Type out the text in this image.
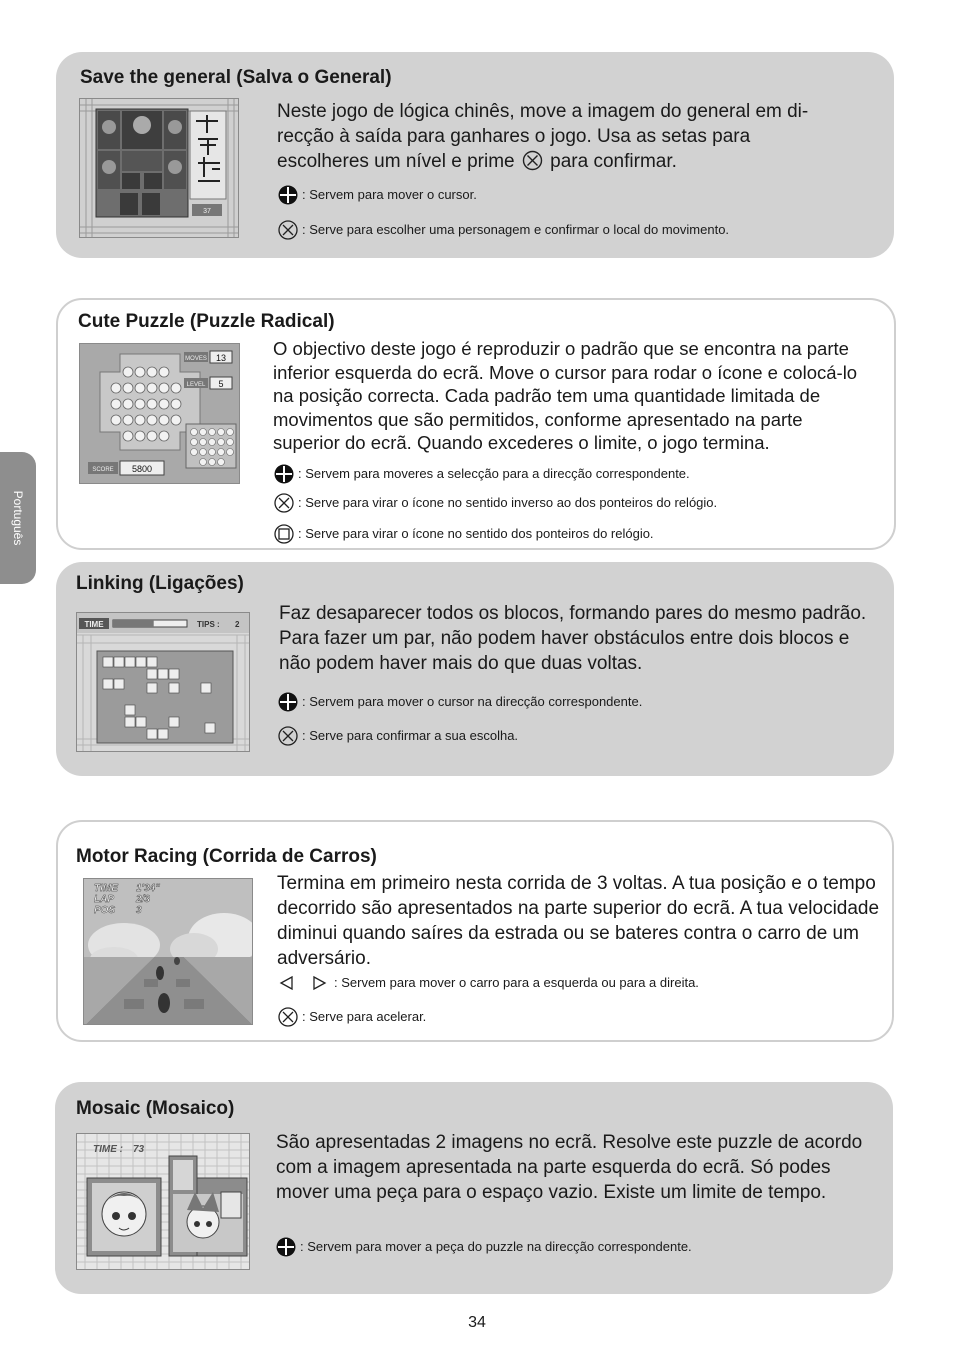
Português
Save the general (Salva o General)
37
Neste jogo de lógica chinês, move a imagem do general em di-recção à saída para ganhares o jogo. Usa as setas para escolheres um nível e prime para confirmar.
: Servem para mover o cursor.
: Serve para escolher uma personagem e confirmar o local do movimento.
Cute Puzzle (Puzzle Radical)
MOVES 13
LEVEL 5
SCORE 5800
O objectivo deste jogo é reproduzir o padrão que se encontra na parte inferior esquerda do ecrã. Move o cursor para rodar o ícone e colocá-lo na posição correcta. Cada padrão tem uma quantidade limitada de movimentos que são permitidos, conforme apresentado na parte superior do ecrã. Quando excederes o limite, o jogo termina.
: Servem para moveres a selecção para a direcção correspondente.
: Serve para virar o ícone no sentido inverso ao dos ponteiros do relógio.
: Serve para virar o ícone no sentido dos ponteiros do relógio.
Linking (Ligações)
TIME	TIPS : 2
Faz desaparecer todos os blocos, formando pares do mesmo padrão. Para fazer um par, não podem haver obstáculos entre dois blocos e não podem haver mais do que duas voltas.
: Servem para mover o cursor na direcção correspondente.
: Serve para confirmar a sua escolha.
Motor Racing (Corrida de Carros)
TIME 1'34"
LAP 2/3
POS 3
Termina em primeiro nesta corrida de 3 voltas. A tua posição e o tempo decorrido são apresentados na parte superior do ecrã. A tua velocidade diminui quando saíres da estrada ou se bateres contra o carro de um adversário.
: Servem para mover o carro para a esquerda ou para a direita.
: Serve para acelerar.
Mosaic (Mosaico)
TIME : 73	São apresentadas 2 imagens no ecrã. Resolve este puzzle de acordo com a imagem apresentada na parte esquerda do ecrã. Só podes mover uma peça para o espaço vazio. Existe um limite de tempo.
: Servem para mover a peça do puzzle na direcção correspondente.
34
